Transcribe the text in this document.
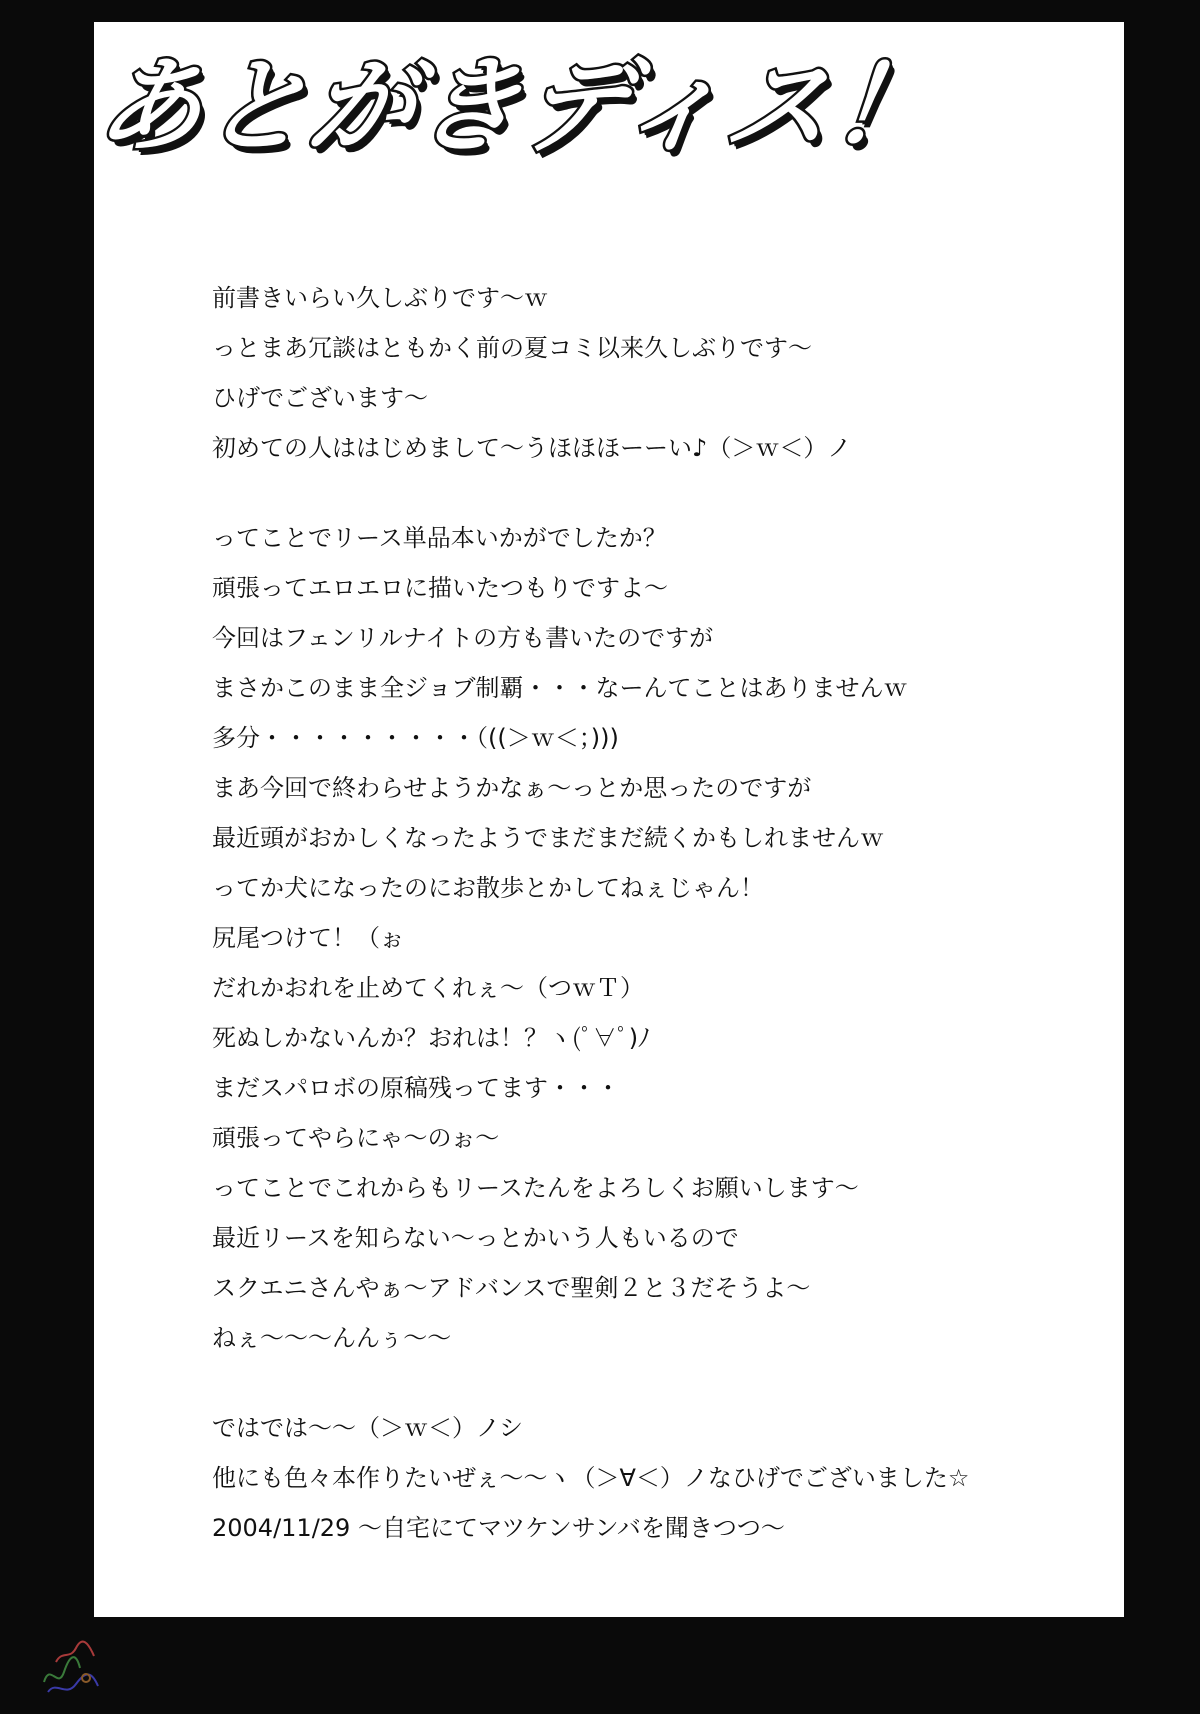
あとがきディス！
前書きいらい久しぶりです～ｗ
っとまあ冗談はともかく前の夏コミ以来久しぶりです～
ひげでございます～
初めての人ははじめまして～うほほほーーい♪（＞ｗ＜）ノ
ってことでリース単品本いかがでしたか？
頑張ってエロエロに描いたつもりですよ～
今回はフェンリルナイトの方も書いたのですが
まさかこのまま全ジョブ制覇・・・なーんてことはありませんｗ
多分・・・・・・・・・（((＞ｗ＜；)))
まあ今回で終わらせようかなぁ～っとか思ったのですが
最近頭がおかしくなったようでまだまだ続くかもしれませんｗ
ってか犬になったのにお散歩とかしてねぇじゃん！
尻尾つけて！（ぉ
だれかおれを止めてくれぇ～（つｗＴ）
死ぬしかないんか？おれは！？ヽ(ﾟ∀ﾟ)ﾉ
まだスパロボの原稿残ってます・・・
頑張ってやらにゃ～のぉ～
ってことでこれからもリースたんをよろしくお願いします～
最近リースを知らない～っとかいう人もいるので
スクエニさんやぁ～アドバンスで聖剣２と３だそうよ～
ねぇ～～～んんぅ～～
ではでは～～（＞ｗ＜）ノシ
他にも色々本作りたいぜぇ～～ヽ（＞∀＜）ノなひげでございました☆
2004/11/29 ～自宅にてマツケンサンバを聞きつつ～
